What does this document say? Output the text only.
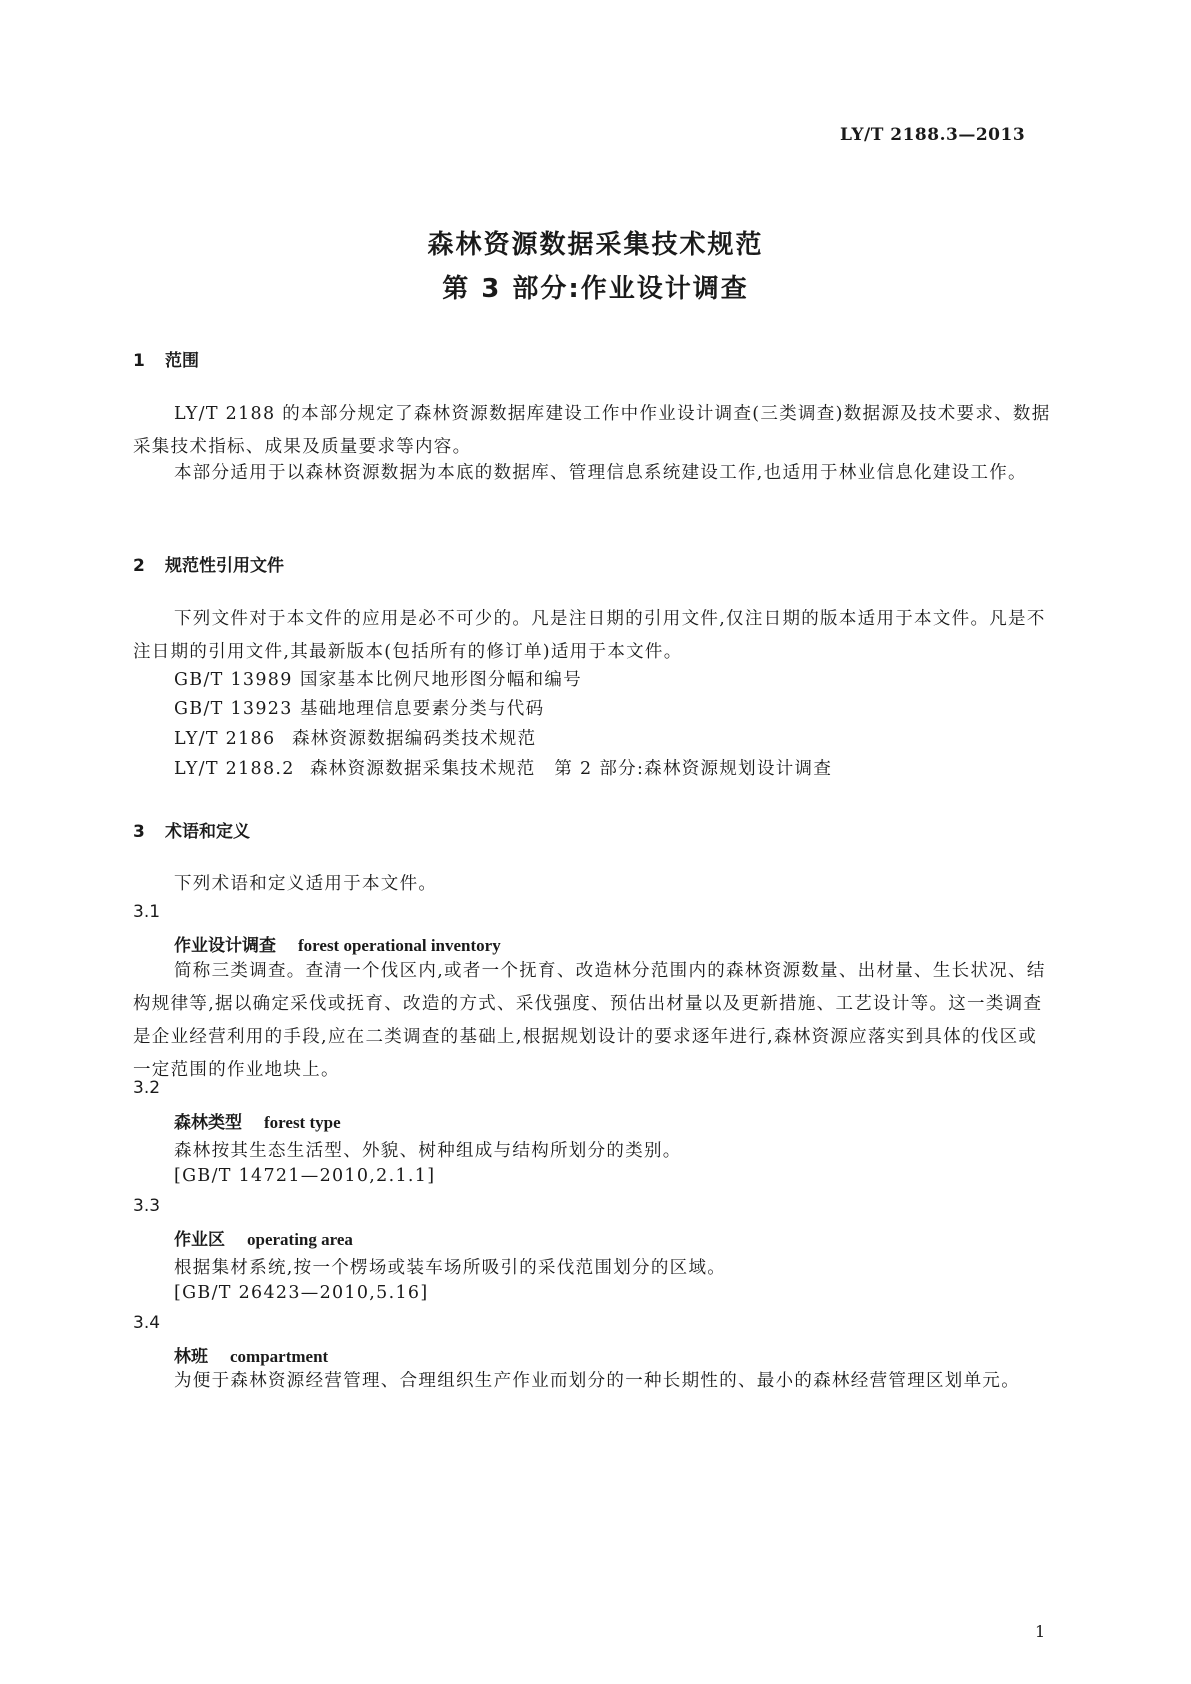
LY/T 2188.3—2013
森林资源数据采集技术规范
第 3 部分:作业设计调查
1 范围
LY/T 2188 的本部分规定了森林资源数据库建设工作中作业设计调查(三类调查)数据源及技术要求、数据采集技术指标、成果及质量要求等内容。
本部分适用于以森林资源数据为本底的数据库、管理信息系统建设工作,也适用于林业信息化建设工作。
2 规范性引用文件
下列文件对于本文件的应用是必不可少的。凡是注日期的引用文件,仅注日期的版本适用于本文件。凡是不注日期的引用文件,其最新版本(包括所有的修订单)适用于本文件。
GB/T 13989 国家基本比例尺地形图分幅和编号
GB/T 13923 基础地理信息要素分类与代码
LY/T 2186 森林资源数据编码类技术规范
LY/T 2188.2 森林资源数据采集技术规范　第 2 部分:森林资源规划设计调查
3 术语和定义
下列术语和定义适用于本文件。
3.1
作业设计调查 forest operational inventory
简称三类调查。查清一个伐区内,或者一个抚育、改造林分范围内的森林资源数量、出材量、生长状况、结构规律等,据以确定采伐或抚育、改造的方式、采伐强度、预估出材量以及更新措施、工艺设计等。这一类调查是企业经营利用的手段,应在二类调查的基础上,根据规划设计的要求逐年进行,森林资源应落实到具体的伐区或一定范围的作业地块上。
3.2
森林类型 forest type
森林按其生态生活型、外貌、树种组成与结构所划分的类别。
[GB/T 14721—2010,2.1.1]
3.3
作业区 operating area
根据集材系统,按一个楞场或装车场所吸引的采伐范围划分的区域。
[GB/T 26423—2010,5.16]
3.4
林班 compartment
为便于森林资源经营管理、合理组织生产作业而划分的一种长期性的、最小的森林经营管理区划单元。
1
